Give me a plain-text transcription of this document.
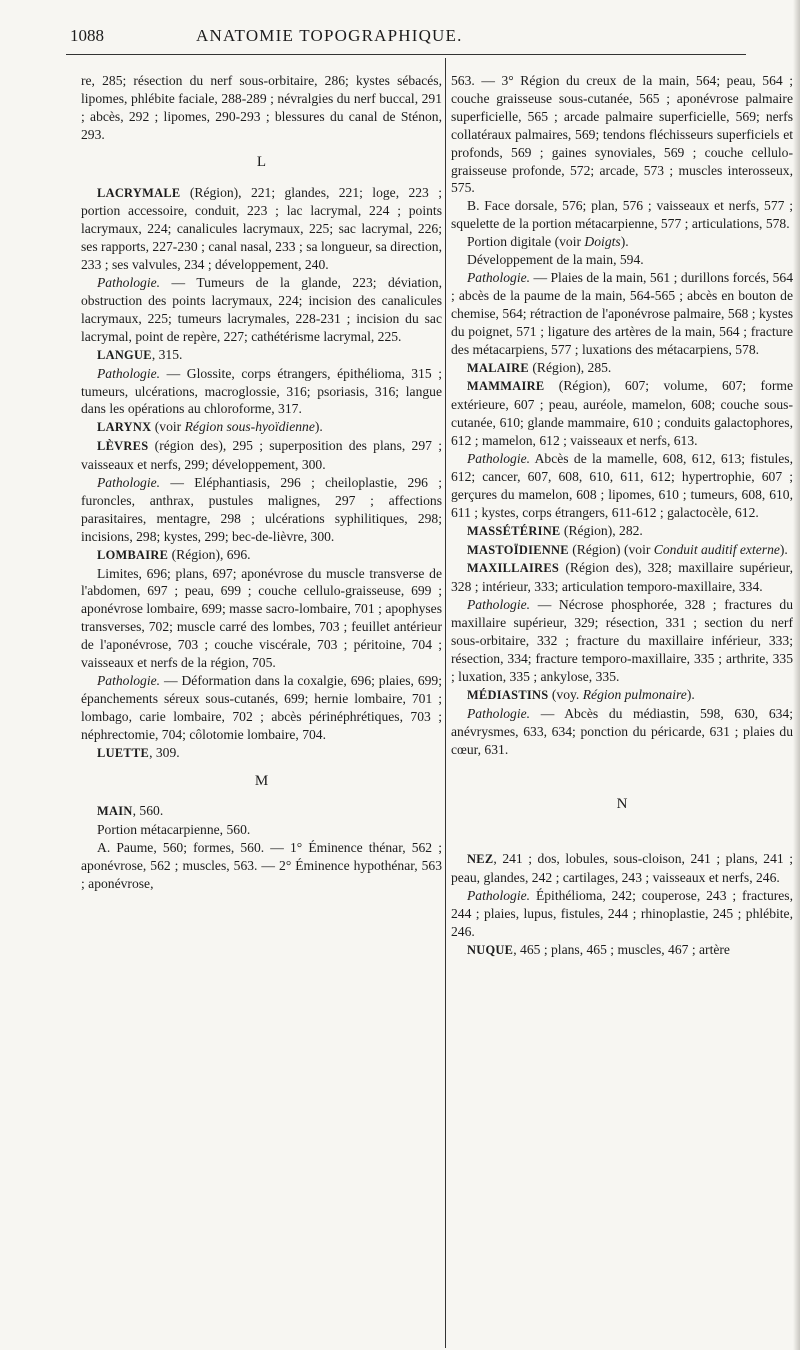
1088	ANATOMIE TOPOGRAPHIQUE.

re, 285; résection du nerf sous-orbitaire, 286; kystes sébacés, lipomes, phlébite faciale, 288-289 ; névralgies du nerf buccal, 291 ; abcès, 292 ; lipomes, 290-293 ; blessures du canal de Sténon, 293.

L

LACRYMALE (Région), 221; glandes, 221; loge, 223 ; portion accessoire, conduit, 223 ; lac lacrymal, 224 ; points lacrymaux, 224; canalicules lacrymaux, 225; sac lacrymal, 226; ses rapports, 227-230 ; canal nasal, 233 ; sa longueur, sa direction, 233 ; ses valvules, 234 ; développement, 240.

Pathologie. — Tumeurs de la glande, 223; déviation, obstruction des points lacrymaux, 224; incision des canalicules lacrymaux, 225; tumeurs lacrymales, 228-231 ; incision du sac lacrymal, point de repère, 227; cathétérisme lacrymal, 225.

LANGUE, 315.

Pathologie. — Glossite, corps étrangers, épithélioma, 315 ; tumeurs, ulcérations, macroglossie, 316; psoriasis, 316; langue dans les opérations au chloroforme, 317.

LARYNX (voir Région sous-hyoïdienne).

LÈVRES (région des), 295 ; superposition des plans, 297 ; vaisseaux et nerfs, 299; développement, 300.

Pathologie. — Eléphantiasis, 296 ; cheiloplastie, 296 ; furoncles, anthrax, pustules malignes, 297 ; affections parasitaires, mentagre, 298 ; ulcérations syphilitiques, 298; incisions, 298; kystes, 299; bec-de-lièvre, 300.

LOMBAIRE (Région), 696.

Limites, 696; plans, 697; aponévrose du muscle transverse de l'abdomen, 697 ; peau, 699 ; couche cellulo-graisseuse, 699 ; aponévrose lombaire, 699; masse sacro-lombaire, 701 ; apophyses transverses, 702; muscle carré des lombes, 703 ; feuillet antérieur de l'aponévrose, 703 ; couche viscérale, 703 ; péritoine, 704 ; vaisseaux et nerfs de la région, 705.

Pathologie. — Déformation dans la coxalgie, 696; plaies, 699; épanchements séreux sous-cutanés, 699; hernie lombaire, 701 ; lombago, carie lombaire, 702 ; abcès périnéphrétiques, 703 ; néphrectomie, 704; côlotomie lombaire, 704.

LUETTE, 309.

M

MAIN, 560.

Portion métacarpienne, 560.

A. Paume, 560; formes, 560. — 1° Éminence thénar, 562 ; aponévrose, 562 ; muscles, 563. — 2° Éminence hypothénar, 563 ; aponévrose,

563. — 3° Région du creux de la main, 564; peau, 564 ; couche graisseuse sous-cutanée, 565 ; aponévrose palmaire superficielle, 565 ; arcade palmaire superficielle, 569; nerfs collatéraux palmaires, 569; tendons fléchisseurs superficiels et profonds, 569 ; gaines synoviales, 569 ; couche cellulo-graisseuse profonde, 572; arcade, 573 ; muscles interosseux, 575.

B. Face dorsale, 576; plan, 576 ; vaisseaux et nerfs, 577 ; squelette de la portion métacarpienne, 577 ; articulations, 578.

Portion digitale (voir Doigts).

Développement de la main, 594.

Pathologie. — Plaies de la main, 561 ; durillons forcés, 564 ; abcès de la paume de la main, 564-565 ; abcès en bouton de chemise, 564; rétraction de l'aponévrose palmaire, 568 ; kystes du poignet, 571 ; ligature des artères de la main, 564 ; fracture des métacarpiens, 577 ; luxations des métacarpiens, 578.

MALAIRE (Région), 285.

MAMMAIRE (Région), 607; volume, 607; forme extérieure, 607 ; peau, auréole, mamelon, 608; couche sous-cutanée, 610; glande mammaire, 610 ; conduits galactophores, 612 ; mamelon, 612 ; vaisseaux et nerfs, 613.

Pathologie. Abcès de la mamelle, 608, 612, 613; fistules, 612; cancer, 607, 608, 610, 611, 612; hypertrophie, 607 ; gerçures du mamelon, 608 ; lipomes, 610 ; tumeurs, 608, 610, 611 ; kystes, corps étrangers, 611-612 ; galactocèle, 612.

MASSÉTÉRINE (Région), 282.

MASTOÏDIENNE (Région) (voir Conduit auditif externe).

MAXILLAIRES (Région des), 328; maxillaire supérieur, 328 ; intérieur, 333; articulation temporo-maxillaire, 334.

Pathologie. — Nécrose phosphorée, 328 ; fractures du maxillaire supérieur, 329; résection, 331 ; section du nerf sous-orbitaire, 332 ; fracture du maxillaire inférieur, 333; résection, 334; fracture temporo-maxillaire, 335 ; arthrite, 335 ; luxation, 335 ; ankylose, 335.

MÉDIASTINS (voy. Région pulmonaire).

Pathologie. — Abcès du médiastin, 598, 630, 634; anévrysmes, 633, 634; ponction du péricarde, 631 ; plaies du cœur, 631.

N

NEZ, 241 ; dos, lobules, sous-cloison, 241 ; plans, 241 ; peau, glandes, 242 ; cartilages, 243 ; vaisseaux et nerfs, 246.

Pathologie. Épithélioma, 242; couperose, 243 ; fractures, 244 ; plaies, lupus, fistules, 244 ; rhinoplastie, 245 ; phlébite, 246.

NUQUE, 465 ; plans, 465 ; muscles, 467 ; artère
